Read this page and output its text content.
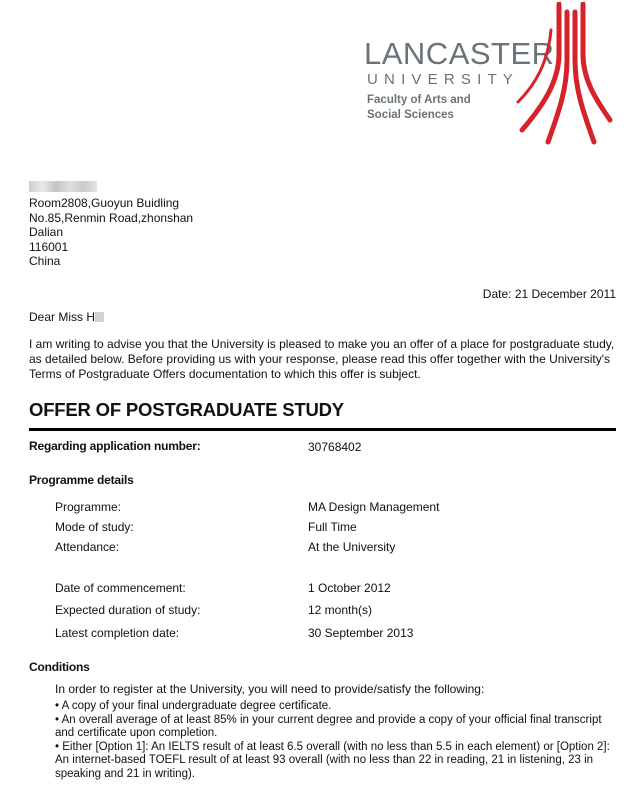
LANCASTER
UNIVERSITY
Faculty of Arts and
Social Sciences
Room2808,Guoyun Buidling
No.85,Renmin Road,zhonshan
Dalian
116001
China
Date: 21 December 2011
Dear Miss H
I am writing to advise you that the University is pleased to make you an offer of a place for postgraduate study,
as detailed below. Before providing us with your response, please read this offer together with the University's
Terms of Postgraduate Offers documentation to which this offer is subject.
OFFER OF POSTGRADUATE STUDY
Regarding application number:	30768402
Programme details
Programme:	MA Design Management
Mode of study:	Full Time
Attendance:	At the University
Date of commencement:	1 October 2012
Expected duration of study:	12 month(s)
Latest completion date:	30 September 2013
Conditions
In order to register at the University, you will need to provide/satisfy the following:

• A copy of your final undergraduate degree certificate.

• An overall average of at least 85% in your current degree and provide a copy of your official final transcript and certificate upon completion.

• Either [Option 1]: An IELTS result of at least 6.5 overall (with no less than 5.5 in each element) or [Option 2]: An internet-based TOEFL result of at least 93 overall (with no less than 22 in reading, 21 in listening, 23 in speaking and 21 in writing).
